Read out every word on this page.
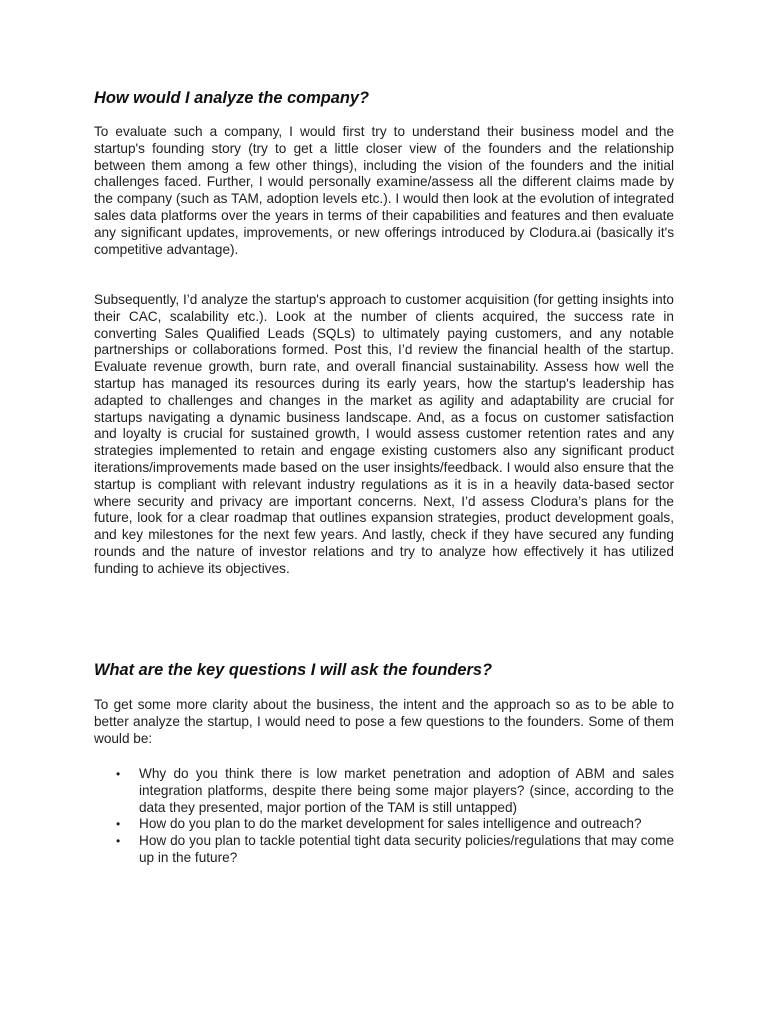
How would I analyze the company?

To evaluate such a company, I would first try to understand their business model and the startup's founding story (try to get a little closer view of the founders and the relationship between them among a few other things), including the vision of the founders and the initial challenges faced. Further, I would personally examine/assess all the different claims made by the company (such as TAM, adoption levels etc.). I would then look at the evolution of integrated sales data platforms over the years in terms of their capabilities and features and then evaluate any significant updates, improvements, or new offerings introduced by Clodura.ai (basically it's competitive advantage).

Subsequently, I’d analyze the startup's approach to customer acquisition (for getting insights into their CAC, scalability etc.). Look at the number of clients acquired, the success rate in converting Sales Qualified Leads (SQLs) to ultimately paying customers, and any notable partnerships or collaborations formed. Post this, I’d review the financial health of the startup. Evaluate revenue growth, burn rate, and overall financial sustainability. Assess how well the startup has managed its resources during its early years, how the startup's leadership has adapted to challenges and changes in the market as agility and adaptability are crucial for startups navigating a dynamic business landscape. And, as a focus on customer satisfaction and loyalty is crucial for sustained growth, I would assess customer retention rates and any strategies implemented to retain and engage existing customers also any significant product iterations/improvements made based on the user insights/feedback. I would also ensure that the startup is compliant with relevant industry regulations as it is in a heavily data-based sector where security and privacy are important concerns. Next, I’d assess Clodura’s plans for the future, look for a clear roadmap that outlines expansion strategies, product development goals, and key milestones for the next few years. And lastly, check if they have secured any funding rounds and the nature of investor relations and try to analyze how effectively it has utilized funding to achieve its objectives.

What are the key questions I will ask the founders?

To get some more clarity about the business, the intent and the approach so as to be able to better analyze the startup, I would need to pose a few questions to the founders. Some of them would be:

• Why do you think there is low market penetration and adoption of ABM and sales integration platforms, despite there being some major players? (since, according to the data they presented, major portion of the TAM is still untapped)
• How do you plan to do the market development for sales intelligence and outreach?
• How do you plan to tackle potential tight data security policies/regulations that may come up in the future?
